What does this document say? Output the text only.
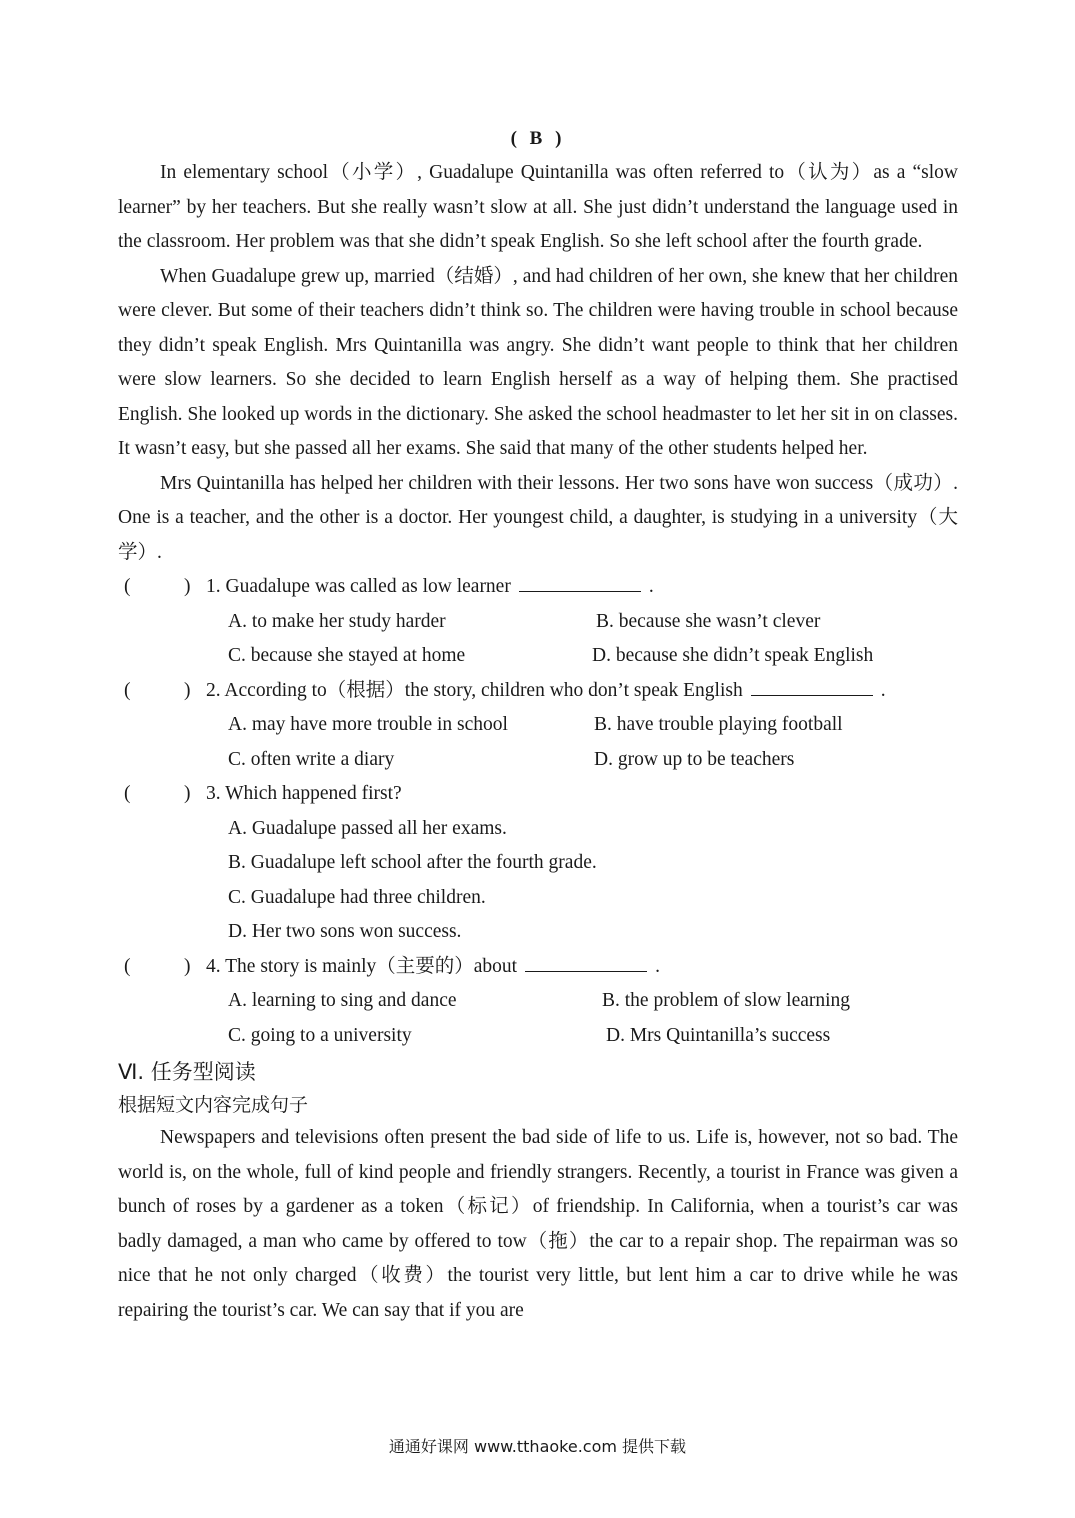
( B )

In elementary school（小学）, Guadalupe Quintanilla was often referred to（认为）as a “slow learner” by her teachers. But she really wasn’t slow at all. She just didn’t understand the language used in the classroom. Her problem was that she didn’t speak English. So she left school after the fourth grade.

When Guadalupe grew up, married（结婚）, and had children of her own, she knew that her children were clever. But some of their teachers didn’t think so. The children were having trouble in school because they didn’t speak English. Mrs Quintanilla was angry. She didn’t want people to think that her children were slow learners. So she decided to learn English herself as a way of helping them. She practised English. She looked up words in the dictionary. She asked the school headmaster to let her sit in on classes. It wasn’t easy, but she passed all her exams. She said that many of the other students helped her.

Mrs Quintanilla has helped her children with their lessons. Her two sons have won success（成功）. One is a teacher, and the other is a doctor. Her youngest child, a daughter, is studying in a university（大学）.

(	) 1. Guadalupe was called as low learner	.
A. to make her study harder	B. because she wasn’t clever
C. because she stayed at home	D. because she didn’t speak English
(	) 2. According to（根据）the story, children who don’t speak English	.
A. may have more trouble in school	B. have trouble playing football
C. often write a diary	D. grow up to be teachers
(	) 3. Which happened first?
A. Guadalupe passed all her exams.
B. Guadalupe left school after the fourth grade.
C. Guadalupe had three children.
D. Her two sons won success.
(	) 4. The story is mainly（主要的）about	.
A. learning to sing and dance	B. the problem of slow learning
C. going to a university	D. Mrs Quintanilla’s success
Ⅵ. 任务型阅读
根据短文内容完成句子

Newspapers and televisions often present the bad side of life to us. Life is, however, not so bad. The world is, on the whole, full of kind people and friendly strangers. Recently, a tourist in France was given a bunch of roses by a gardener as a token（标记）of friendship. In California, when a tourist’s car was badly damaged, a man who came by offered to tow（拖）the car to a repair shop. The repairman was so nice that he not only charged（收费）the tourist very little, but lent him a car to drive while he was repairing the tourist’s car. We can say that if you are

通通好课网 www.tthaoke.com 提供下载
